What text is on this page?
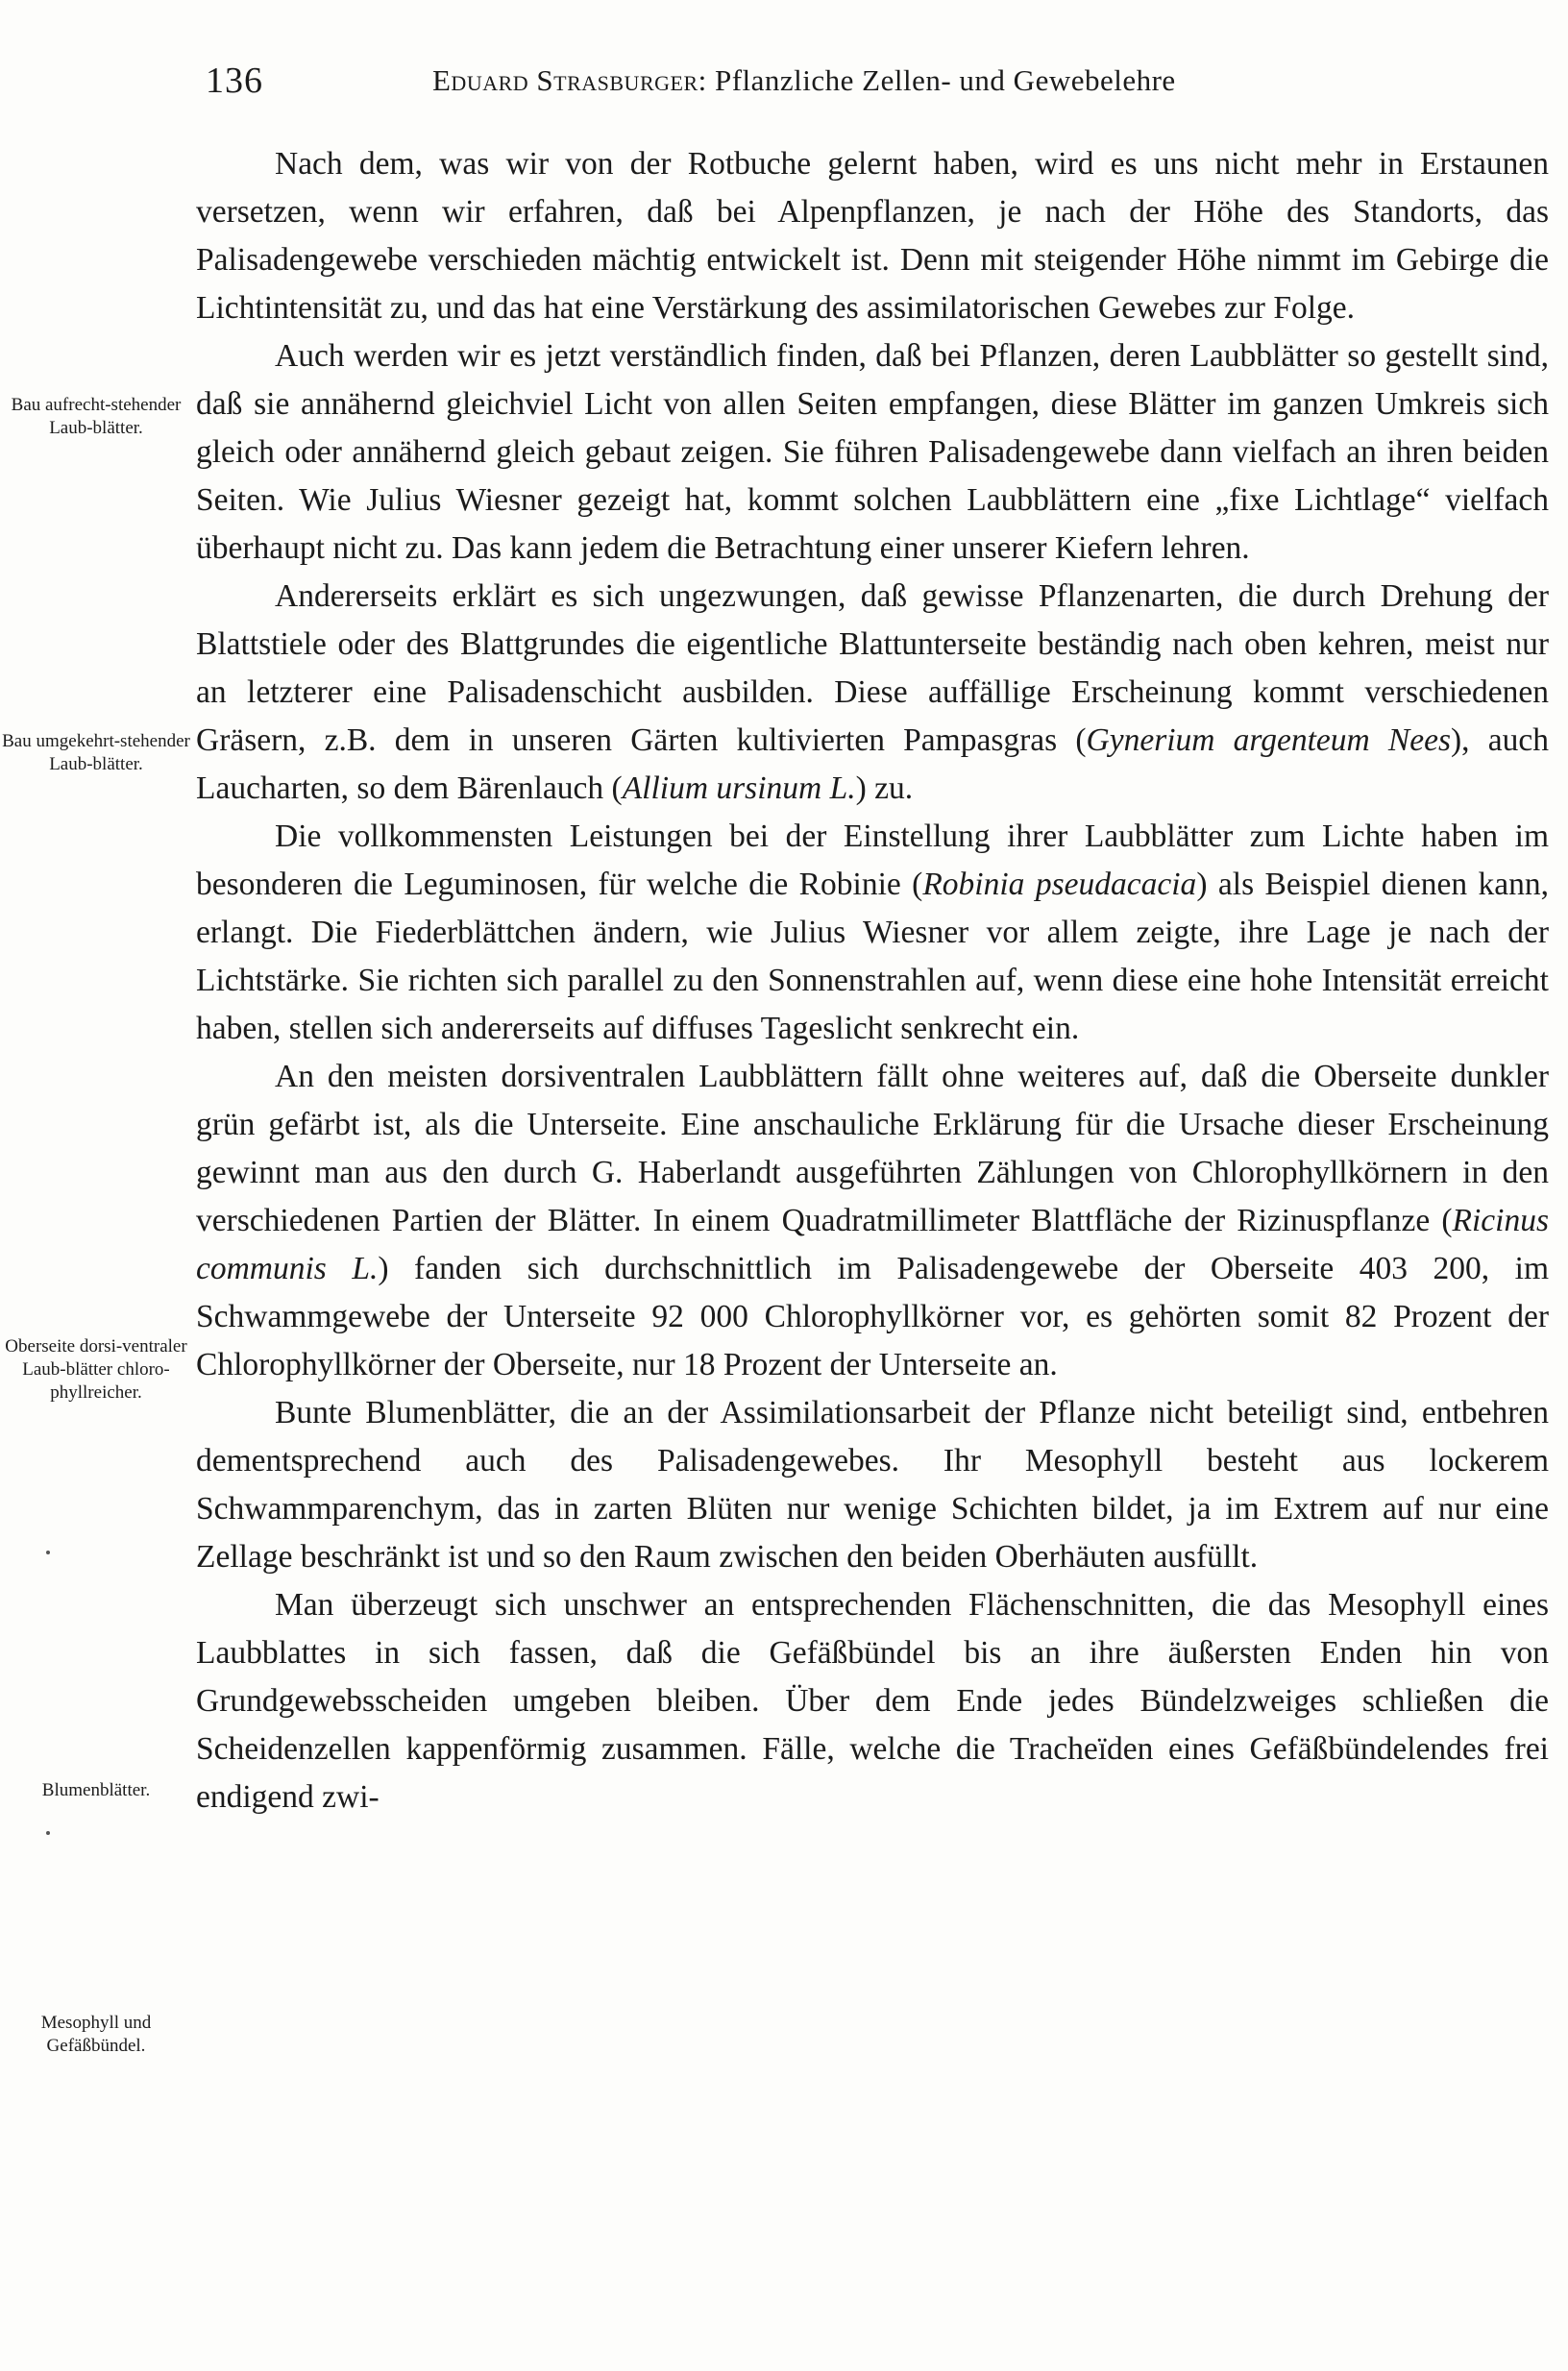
136	Eduard Strasburger: Pflanzliche Zellen- und Gewebelehre
Bau aufrecht-stehender Laub-blätter.
Bau umgekehrt-stehender Laub-blätter.
Oberseite dorsi-ventraler Laub-blätter chloro-phyllreicher.
Blumenblätter.
Mesophyll und Gefäßbündel.

Nach dem, was wir von der Rotbuche gelernt haben, wird es uns nicht mehr in Erstaunen versetzen, wenn wir erfahren, daß bei Alpenpflanzen, je nach der Höhe des Standorts, das Palisadengewebe verschieden mächtig entwickelt ist. Denn mit steigender Höhe nimmt im Gebirge die Lichtintensität zu, und das hat eine Verstärkung des assimilatorischen Gewebes zur Folge.

Auch werden wir es jetzt verständlich finden, daß bei Pflanzen, deren Laubblätter so gestellt sind, daß sie annähernd gleichviel Licht von allen Seiten empfangen, diese Blätter im ganzen Umkreis sich gleich oder annähernd gleich gebaut zeigen. Sie führen Palisadengewebe dann vielfach an ihren beiden Seiten. Wie Julius Wiesner gezeigt hat, kommt solchen Laubblättern eine „fixe Lichtlage“ vielfach überhaupt nicht zu. Das kann jedem die Betrachtung einer unserer Kiefern lehren.

Andererseits erklärt es sich ungezwungen, daß gewisse Pflanzenarten, die durch Drehung der Blattstiele oder des Blattgrundes die eigentliche Blattunterseite beständig nach oben kehren, meist nur an letzterer eine Palisadenschicht ausbilden. Diese auffällige Erscheinung kommt verschiedenen Gräsern, z.B. dem in unseren Gärten kultivierten Pampasgras (Gynerium argenteum Nees), auch Laucharten, so dem Bärenlauch (Allium ursinum L.) zu.

Die vollkommensten Leistungen bei der Einstellung ihrer Laubblätter zum Lichte haben im besonderen die Leguminosen, für welche die Robinie (Robinia pseudacacia) als Beispiel dienen kann, erlangt. Die Fiederblättchen ändern, wie Julius Wiesner vor allem zeigte, ihre Lage je nach der Lichtstärke. Sie richten sich parallel zu den Sonnenstrahlen auf, wenn diese eine hohe Intensität erreicht haben, stellen sich andererseits auf diffuses Tageslicht senkrecht ein.

An den meisten dorsiventralen Laubblättern fällt ohne weiteres auf, daß die Oberseite dunkler grün gefärbt ist, als die Unterseite. Eine anschauliche Erklärung für die Ursache dieser Erscheinung gewinnt man aus den durch G. Haberlandt ausgeführten Zählungen von Chlorophyllkörnern in den verschiedenen Partien der Blätter. In einem Quadratmillimeter Blattfläche der Rizinuspflanze (Ricinus communis L.) fanden sich durchschnittlich im Palisadengewebe der Oberseite 403 200, im Schwammgewebe der Unterseite 92 000 Chlorophyllkörner vor, es gehörten somit 82 Prozent der Chlorophyllkörner der Oberseite, nur 18 Prozent der Unterseite an.

Bunte Blumenblätter, die an der Assimilationsarbeit der Pflanze nicht beteiligt sind, entbehren dementsprechend auch des Palisadengewebes. Ihr Mesophyll besteht aus lockerem Schwammparenchym, das in zarten Blüten nur wenige Schichten bildet, ja im Extrem auf nur eine Zellage beschränkt ist und so den Raum zwischen den beiden Oberhäuten ausfüllt.

Man überzeugt sich unschwer an entsprechenden Flächenschnitten, die das Mesophyll eines Laubblattes in sich fassen, daß die Gefäßbündel bis an ihre äußersten Enden hin von Grundgewebsscheiden umgeben bleiben. Über dem Ende jedes Bündelzweiges schließen die Scheidenzellen kappenförmig zusammen. Fälle, welche die Tracheïden eines Gefäßbündelendes frei endigend zwi-
